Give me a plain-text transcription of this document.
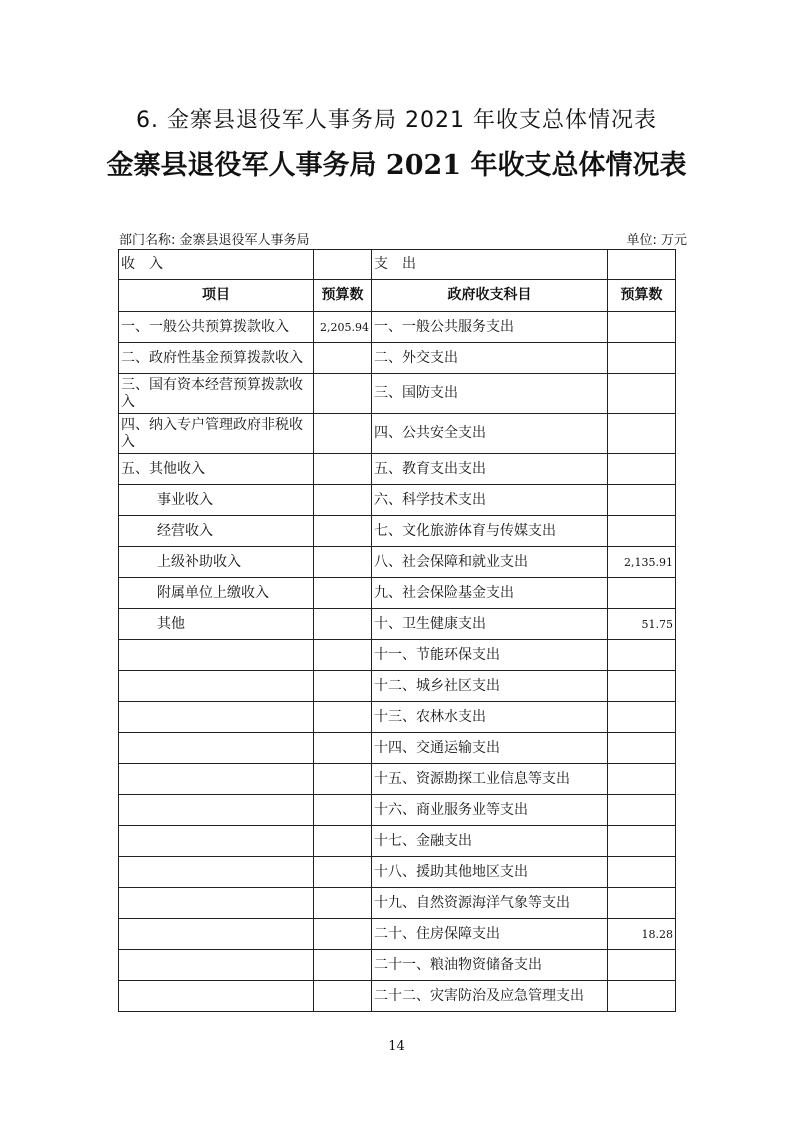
6. 金寨县退役军人事务局 2021 年收支总体情况表
金寨县退役军人事务局 2021 年收支总体情况表
部门名称: 金寨县退役军人事务局	单位: 万元
收　入		支　出	
项目	预算数	政府收支科目	预算数
一、一般公共预算拨款收入	2,205.94	一、一般公共服务支出	
二、政府性基金预算拨款收入		二、外交支出	
三、国有资本经营预算拨款收入		三、国防支出	
四、纳入专户管理政府非税收入		四、公共安全支出	
五、其他收入		五、教育支出支出	
事业收入		六、科学技术支出	
经营收入		七、文化旅游体育与传媒支出	
上级补助收入		八、社会保障和就业支出	2,135.91
附属单位上缴收入		九、社会保险基金支出	
其他		十、卫生健康支出	51.75
		十一、节能环保支出	
		十二、城乡社区支出	
		十三、农林水支出	
		十四、交通运输支出	
		十五、资源勘探工业信息等支出	
		十六、商业服务业等支出	
		十七、金融支出	
		十八、援助其他地区支出	
		十九、自然资源海洋气象等支出	
		二十、住房保障支出	18.28
		二十一、粮油物资储备支出	
		二十二、灾害防治及应急管理支出	
14
